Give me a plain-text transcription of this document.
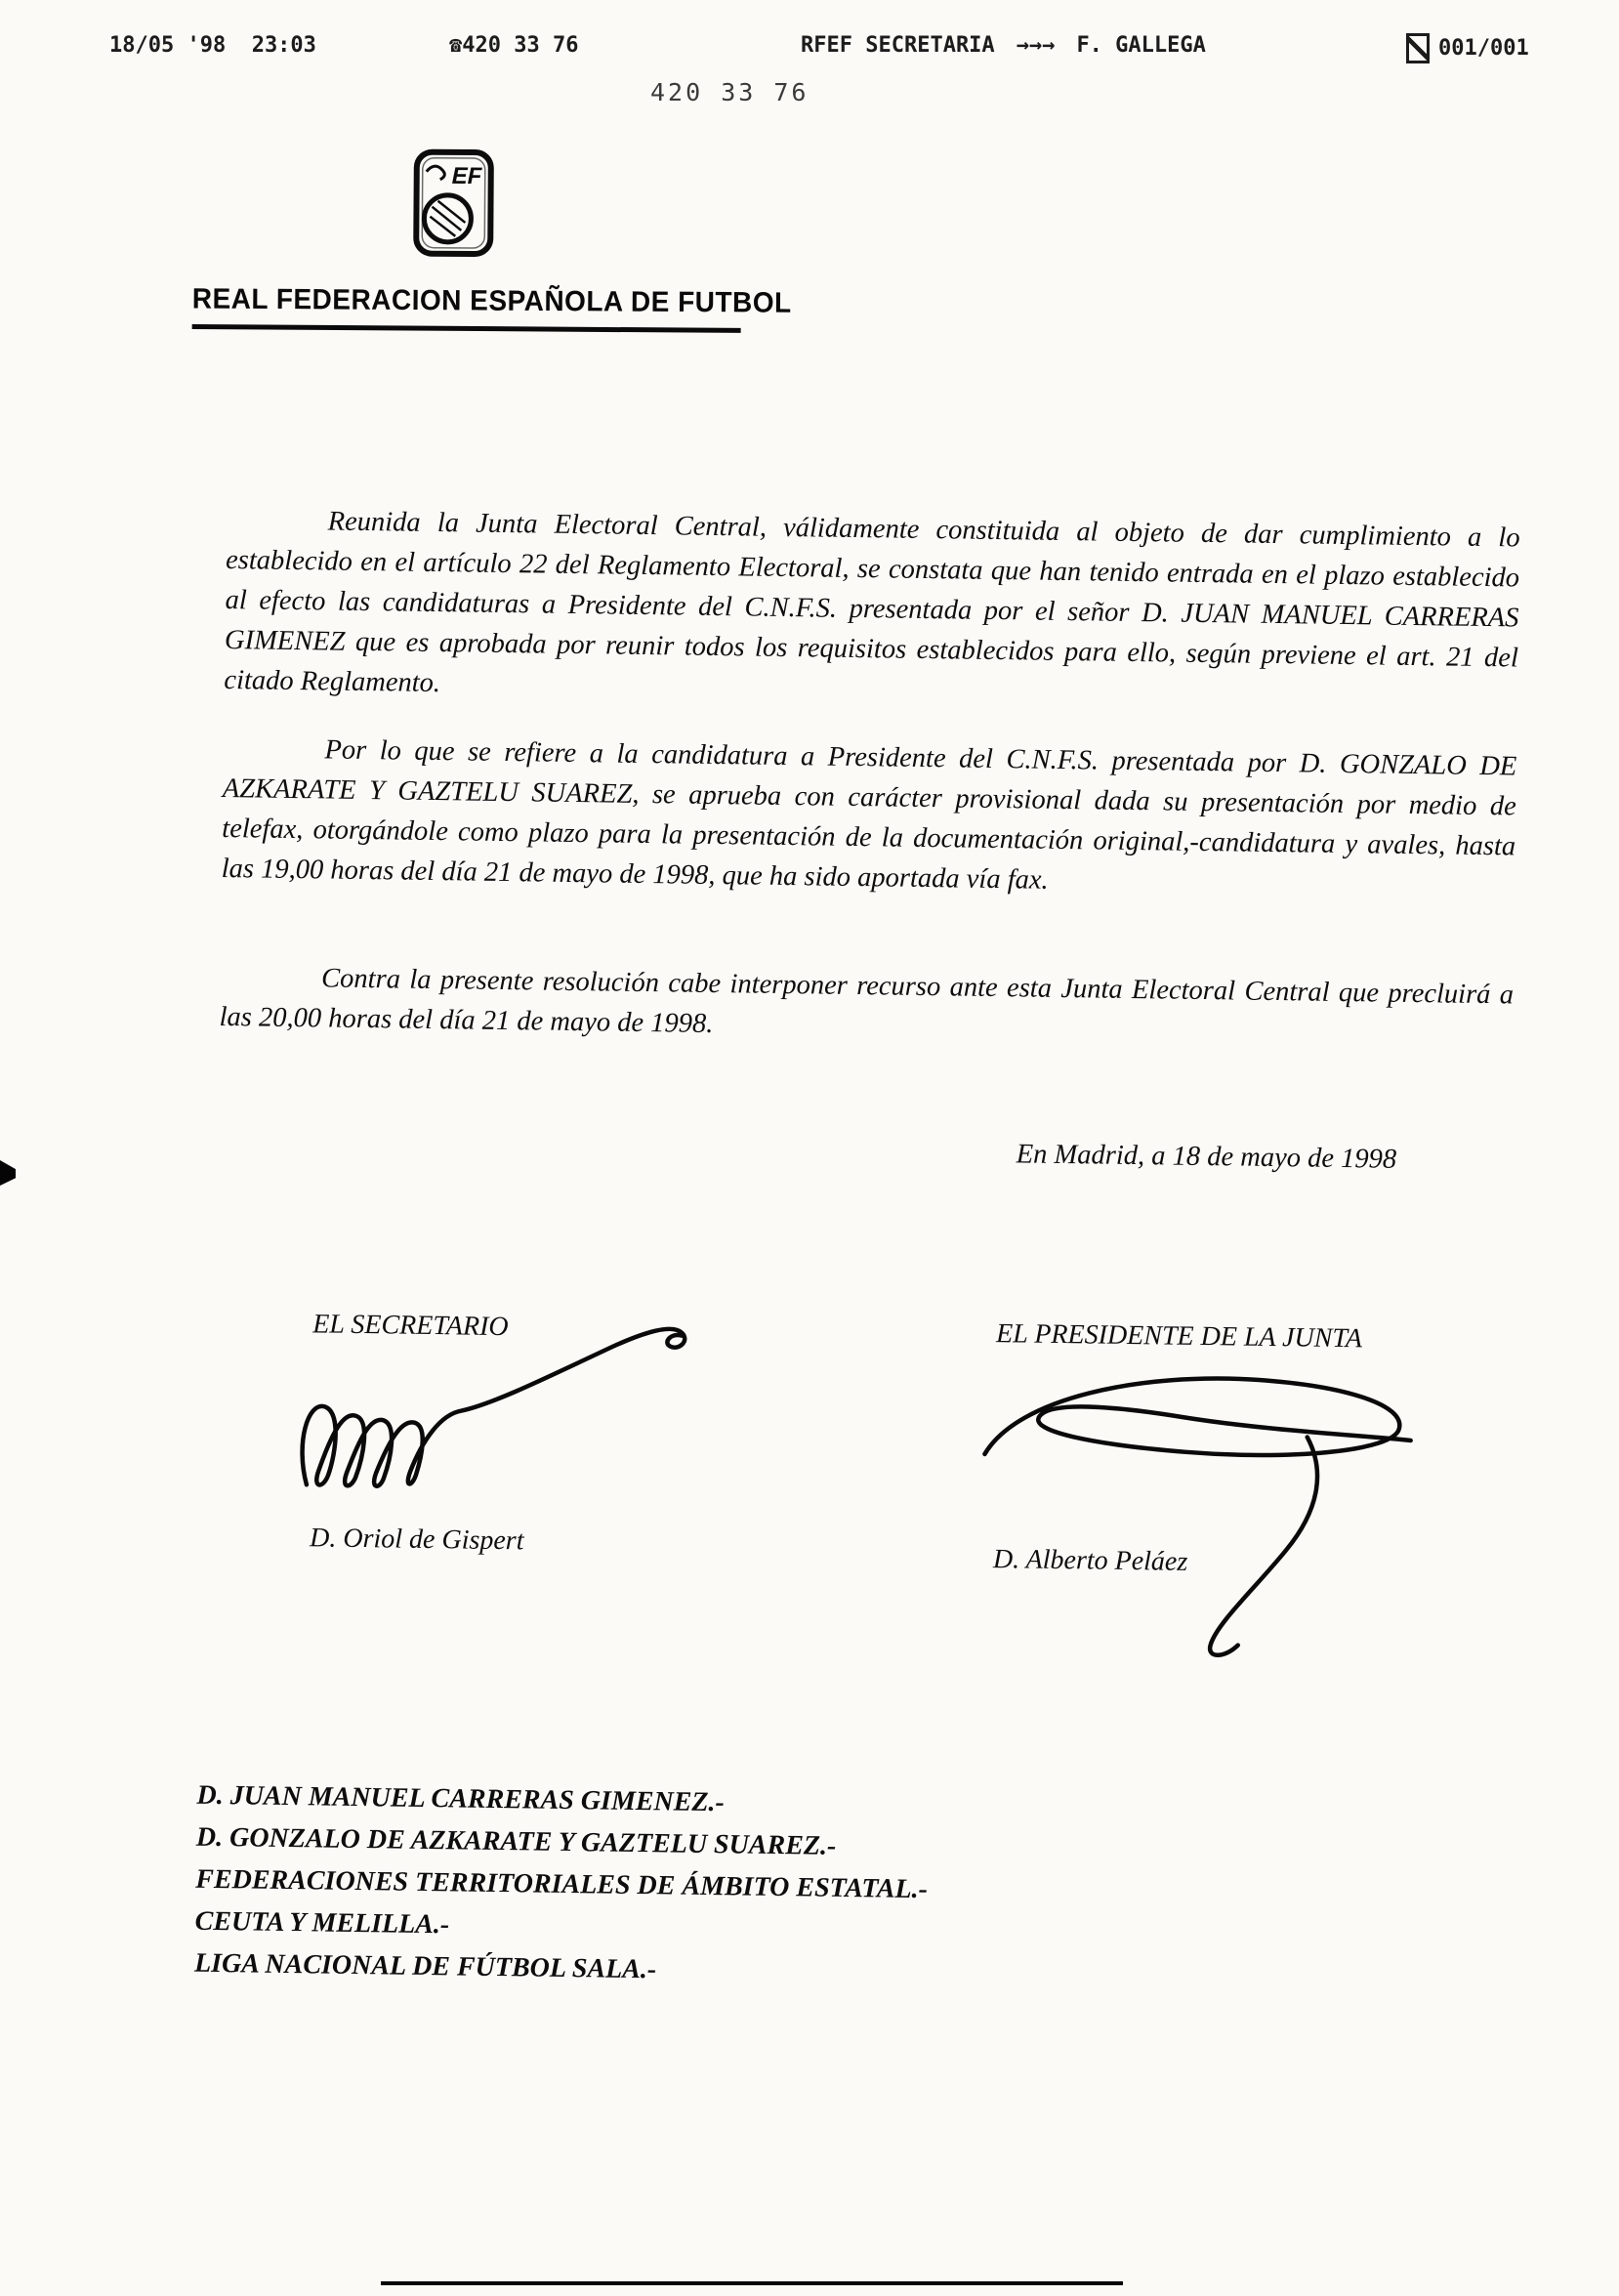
18/05 '98  23:03	☎420 33 76	RFEF SECRETARIA →→→ F. GALLEGA	001/001
420 33 76
EF
REAL FEDERACION ESPAÑOLA DE FUTBOL

Reunida la Junta Electoral Central, válidamente constituida al objeto de dar cumplimiento a lo establecido en el artículo 22 del Reglamento Electoral, se constata que han tenido entrada en el plazo establecido al efecto las candidaturas a Presidente del C.N.F.S. presentada por el señor D. JUAN MANUEL CARRERAS GIMENEZ que es aprobada por reunir todos los requisitos establecidos para ello, según previene el art. 21 del citado Reglamento.

Por lo que se refiere a la candidatura a Presidente del C.N.F.S. presentada por D. GONZALO DE AZKARATE Y GAZTELU SUAREZ, se aprueba con carácter provisional dada su presentación por medio de telefax, otorgándole como plazo para la presentación de la documentación original,-candidatura y avales, hasta las 19,00 horas del día 21 de mayo de 1998, que ha sido aportada vía fax.

Contra la presente resolución cabe interponer recurso ante esta Junta Electoral Central que precluirá a las 20,00 horas del día 21 de mayo de 1998.

En Madrid, a 18 de mayo de 1998
EL SECRETARIO	EL PRESIDENTE DE LA JUNTA
D. Oriol de Gispert
D. Alberto Peláez
D. JUAN MANUEL CARRERAS GIMENEZ.-
D. GONZALO DE AZKARATE Y GAZTELU SUAREZ.-
FEDERACIONES TERRITORIALES DE ÁMBITO ESTATAL.-
CEUTA Y MELILLA.-
LIGA NACIONAL DE FÚTBOL SALA.-
